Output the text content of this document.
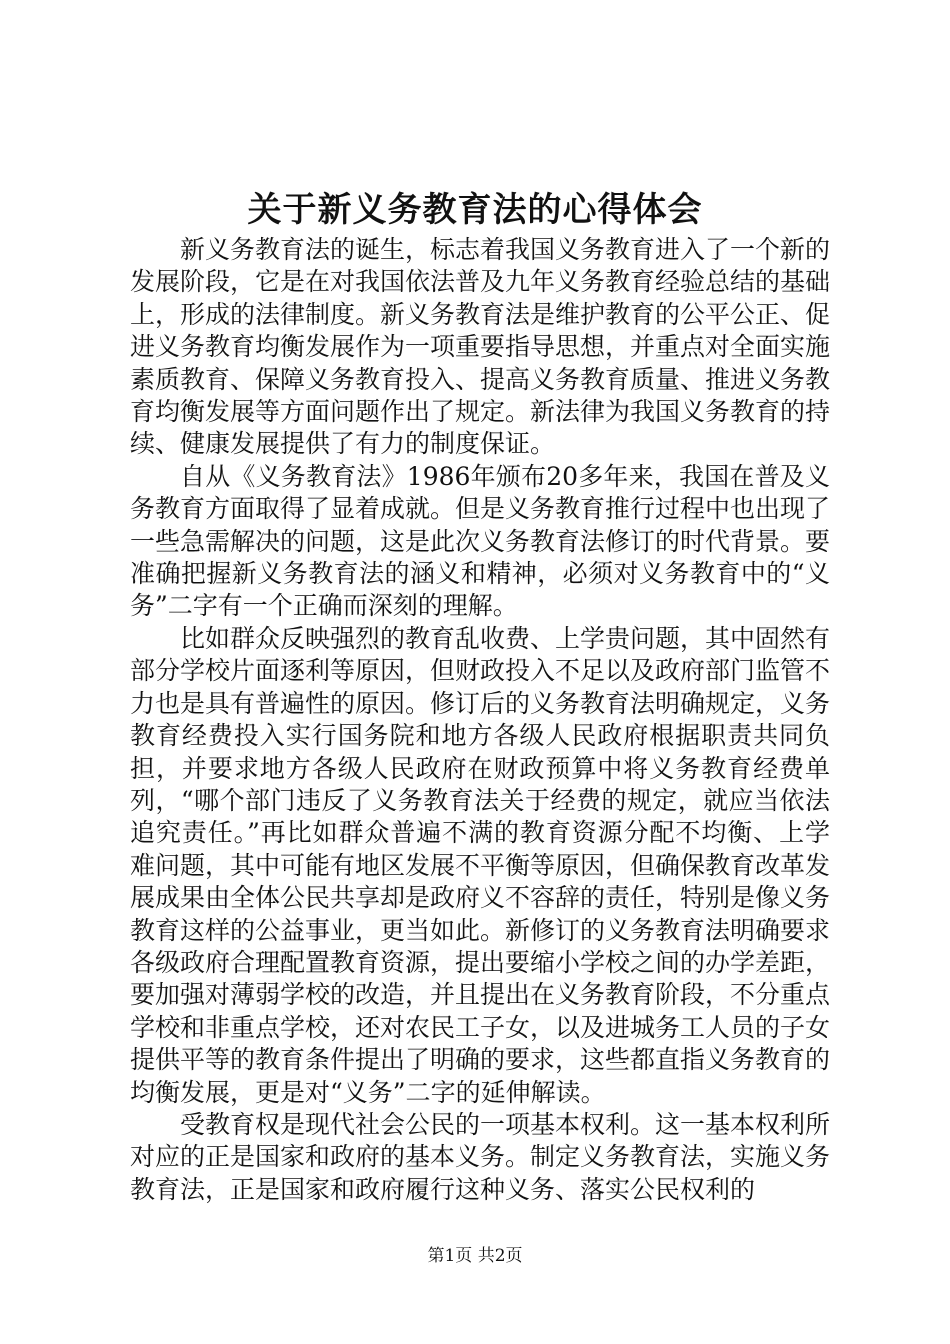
关于新义务教育法的心得体会

新义务教育法的诞生，标志着我国义务教育进入了一个新的发展阶段，它是在对我国依法普及九年义务教育经验总结的基础上，形成的法律制度。新义务教育法是维护教育的公平公正、促进义务教育均衡发展作为一项重要指导思想，并重点对全面实施素质教育、保障义务教育投入、提高义务教育质量、推进义务教育均衡发展等方面问题作出了规定。新法律为我国义务教育的持续、健康发展提供了有力的制度保证。

自从《义务教育法》1986年颁布20多年来，我国在普及义务教育方面取得了显着成就。但是义务教育推行过程中也出现了一些急需解决的问题，这是此次义务教育法修订的时代背景。要准确把握新义务教育法的涵义和精神，必须对义务教育中的“义务”二字有一个正确而深刻的理解。

比如群众反映强烈的教育乱收费、上学贵问题，其中固然有部分学校片面逐利等原因，但财政投入不足以及政府部门监管不力也是具有普遍性的原因。修订后的义务教育法明确规定，义务教育经费投入实行国务院和地方各级人民政府根据职责共同负担，并要求地方各级人民政府在财政预算中将义务教育经费单列，“哪个部门违反了义务教育法关于经费的规定，就应当依法追究责任。”再比如群众普遍不满的教育资源分配不均衡、上学难问题，其中可能有地区发展不平衡等原因，但确保教育改革发展成果由全体公民共享却是政府义不容辞的责任，特别是像义务教育这样的公益事业，更当如此。新修订的义务教育法明确要求各级政府合理配置教育资源，提出要缩小学校之间的办学差距，要加强对薄弱学校的改造，并且提出在义务教育阶段，不分重点学校和非重点学校，还对农民工子女，以及进城务工人员的子女提供平等的教育条件提出了明确的要求，这些都直指义务教育的均衡发展，更是对“义务”二字的延伸解读。

受教育权是现代社会公民的一项基本权利。这一基本权利所对应的正是国家和政府的基本义务。制定义务教育法，实施义务教育法，正是国家和政府履行这种义务、落实公民权利的

第1页 共2页
